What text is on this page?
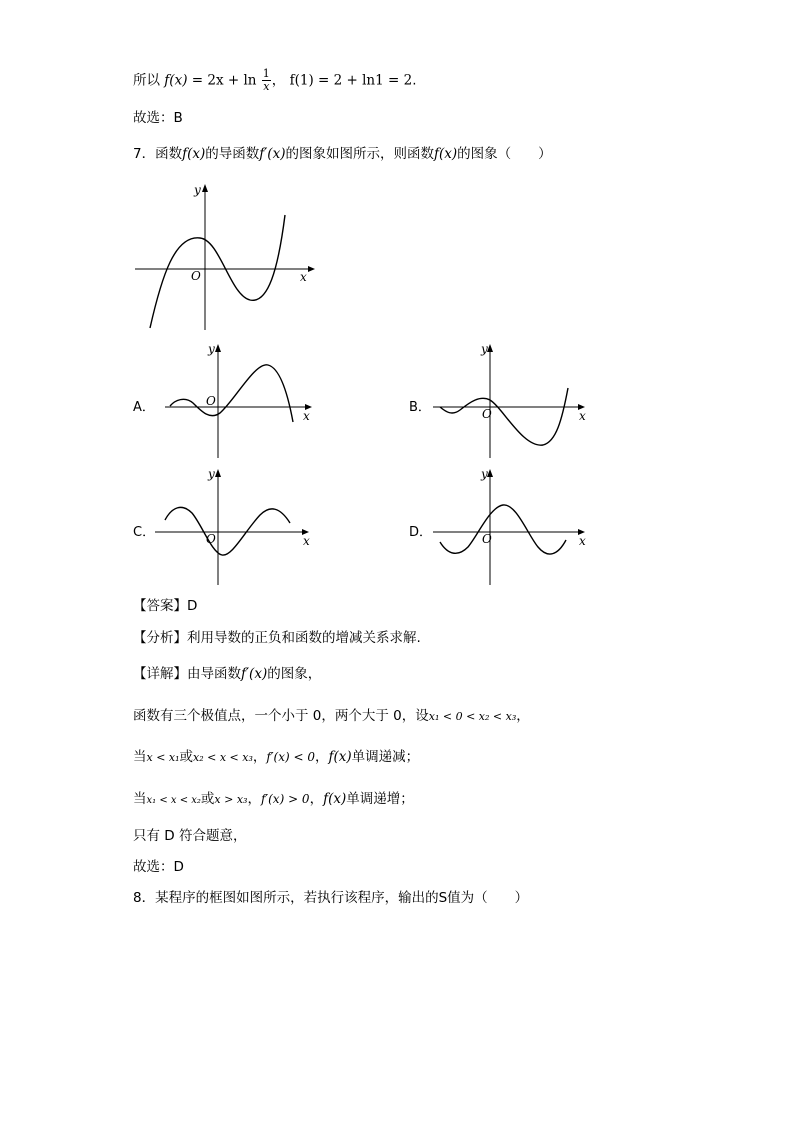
所以 $f(x) = 2x + \ln \frac{1}{x}$ ， f(1) = 2 + ln1 = 2.
故选：B
7．函数f(x)的导函数f′(x)的图象如图所示，则函数f(x)的图象（　　）
x
y
O
A．
x
y
O	B．
x
y
O
C．
x
y
O	D．
x
y
O
【答案】D
【分析】利用导数的正负和函数的增减关系求解.
【详解】由导函数f′(x)的图象，
函数有三个极值点，一个小于 0，两个大于 0，设x₁ < 0 < x₂ < x₃，
当x < x₁或x₂ < x < x₃，f′(x) < 0，f(x)单调递减；
当x₁ < x < x₂或x > x₃，f′(x) > 0，f(x)单调递增；
只有 D 符合题意，
故选：D
8．某程序的框图如图所示，若执行该程序，输出的S值为（　　）
